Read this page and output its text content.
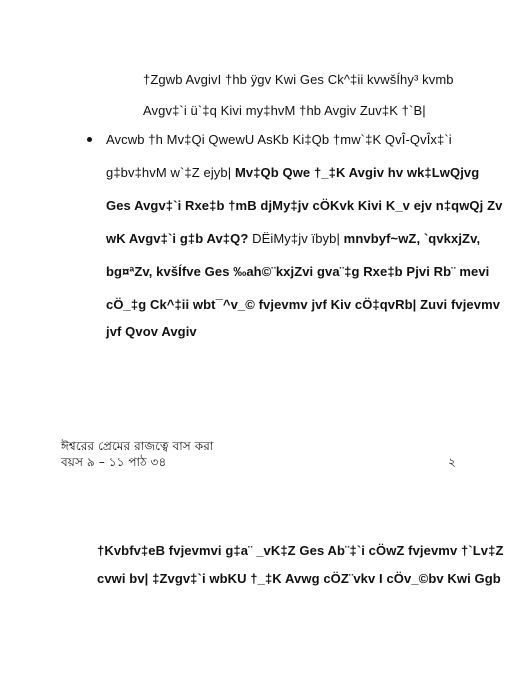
†Zgwb AvgivI †hb ÿgv Kwi Ges Ck^‡ii kvwšÍhy³ kvmb
Avgv‡`i ü`‡q Kivi my‡hvM †hb Avgiv Zuv‡K †`B|
Avcwb †h Mv‡Qi QwewU AsKb Ki‡Qb †mw`‡K QvÎ-QvÎx‡`i
g‡bv‡hvM w`‡Z ejyb| Mv‡Qb Qwe †_‡K Avgiv hv wk‡LwQjvg
Ges Avgv‡`i Rxe‡b †mB djMy‡jv cÖKvk Kivi K_v ejv n‡qwQj Zv
wK Avgv‡`i g‡b Av‡Q? DËiMy‡jv ïbyb| mnvbyf~wZ, `qvkxjZv,
bg¤ªZv, kvšÍfve Ges ‰ah©¨kxjZvi gva¨‡g Rxe‡b Pjvi Rb¨ mevi
cÖ_‡g Ck^‡ii wbt¯^v_© fvjevmv jvf Kiv cÖ‡qvRb| Zuvi fvjevmv
jvf Qvov Avgiv
ঈশ্বরের প্রেমের রাজত্বে বাস করা
বয়স ৯ – ১১ পাঠ ৩৪	২
†Kvbfv‡eB fvjevmvi g‡a¨ _vK‡Z Ges Ab¨‡`i cÖwZ fvjevmv †`Lv‡Z
cvwi bv| ‡Zvgv‡`i wbKU †_‡K Avwg cÖZ¨vkv I cÖv_©bv Kwi Ggb
